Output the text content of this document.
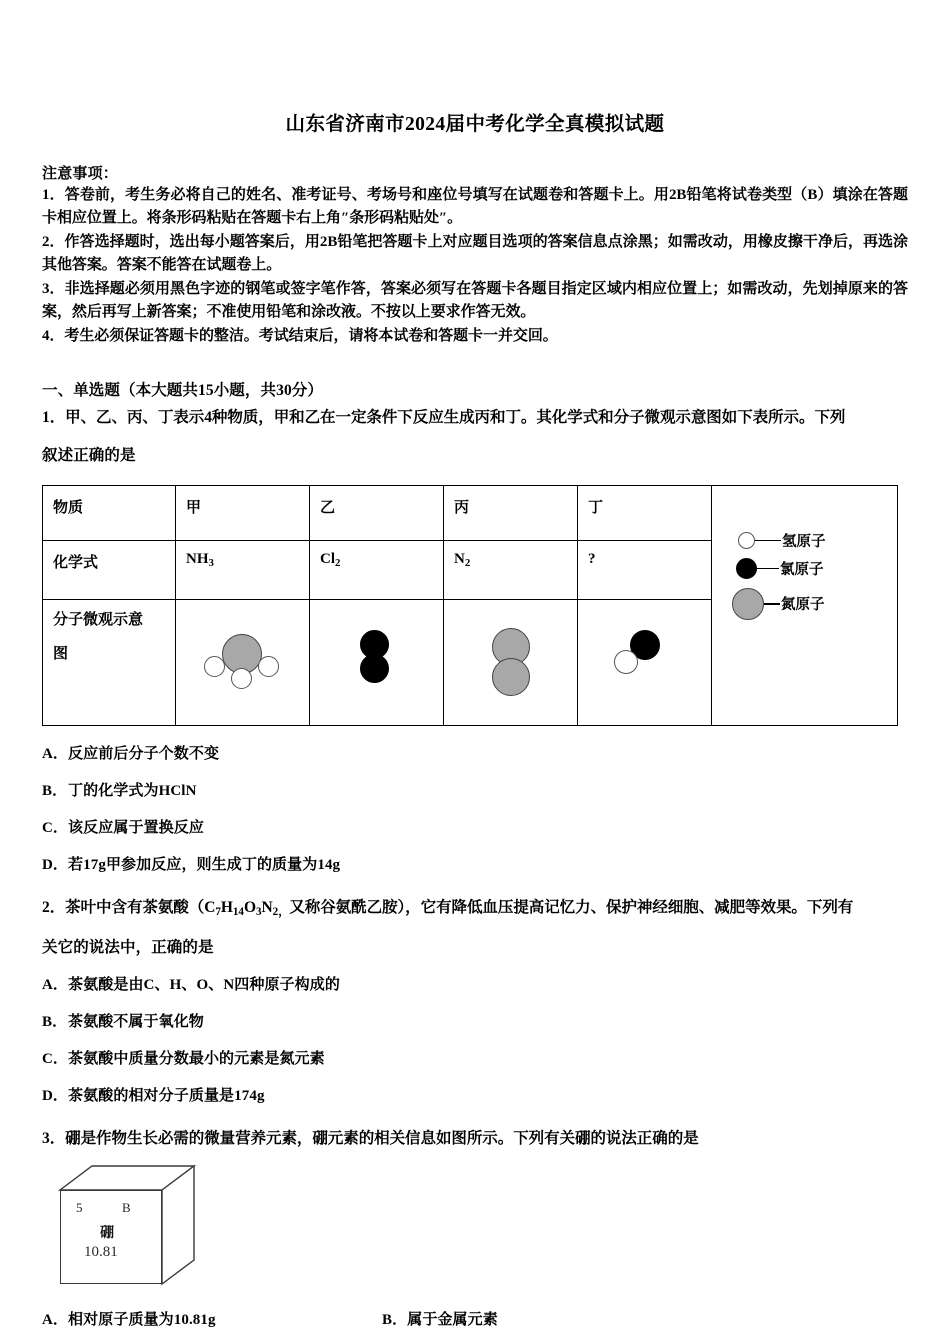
山东省济南市2024届中考化学全真模拟试题
注意事项：
1．答卷前，考生务必将自己的姓名、准考证号、考场号和座位号填写在试题卷和答题卡上。用2B铅笔将试卷类型（B）填涂在答题卡相应位置上。将条形码粘贴在答题卡右上角″条形码粘贴处″。
2．作答选择题时，选出每小题答案后，用2B铅笔把答题卡上对应题目选项的答案信息点涂黑；如需改动，用橡皮擦干净后，再选涂其他答案。答案不能答在试题卷上。
3．非选择题必须用黑色字迹的钢笔或签字笔作答，答案必须写在答题卡各题目指定区域内相应位置上；如需改动，先划掉原来的答案，然后再写上新答案；不准使用铅笔和涂改液。不按以上要求作答无效。
4．考生必须保证答题卡的整洁。考试结束后，请将本试卷和答题卡一并交回。
一、单选题（本大题共15小题，共30分）
1．甲、乙、丙、丁表示4种物质，甲和乙在一定条件下反应生成丙和丁。其化学式和分子微观示意图如下表所示。下列
叙述正确的是
物质	甲	乙	丙	丁	氢原子
氯原子
氮原子

化学式	$NH_3$	$Cl_2$	$N_2$	?	

分子微观示意
图					

A．反应前后分子个数不变
B．丁的化学式为HClN
C．该反应属于置换反应
D．若17g甲参加反应，则生成丁的质量为14g
2．茶叶中含有茶氨酸（$C_7H_{14}O_3N_{2,}$又称谷氨酰乙胺），它有降低血压提高记忆力、保护神经细胞、减肥等效果。下列有
关它的说法中，正确的是
A．茶氨酸是由C、H、O、N四种原子构成的
B．茶氨酸不属于氧化物
C．茶氨酸中质量分数最小的元素是氮元素
D．茶氨酸的相对分子质量是174g
3．硼是作物生长必需的微量营养元素，硼元素的相关信息如图所示。下列有关硼的说法正确的是
5	B
硼
10.81
A．相对原子质量为10.81g	B．属于金属元素
